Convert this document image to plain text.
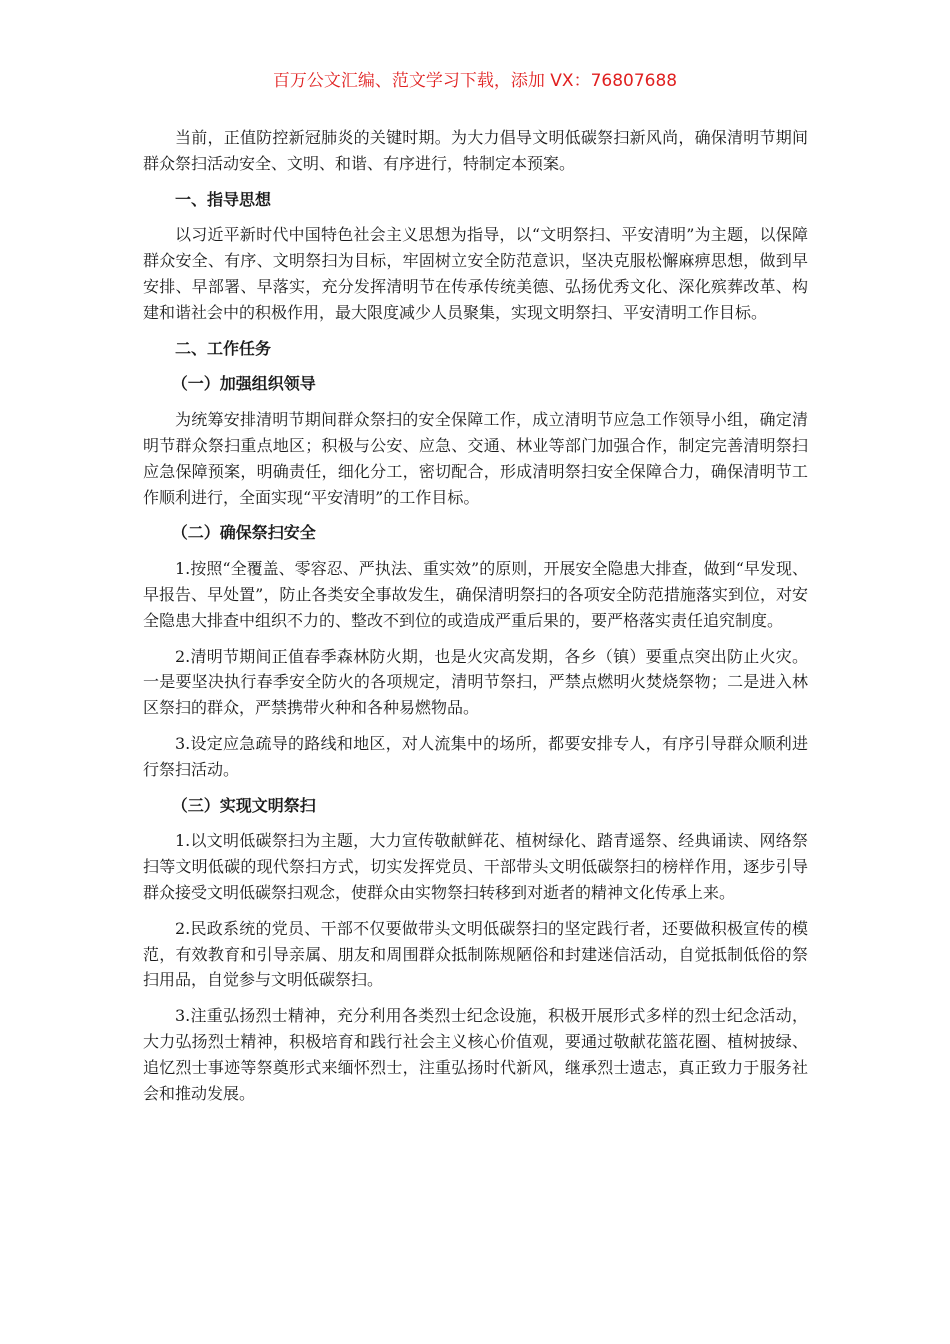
百万公文汇编、范文学习下载，添加 VX：76807688

当前，正值防控新冠肺炎的关键时期。为大力倡导文明低碳祭扫新风尚，确保清明节期间群众祭扫活动安全、文明、和谐、有序进行，特制定本预案。

一、指导思想

以习近平新时代中国特色社会主义思想为指导，以“文明祭扫、平安清明”为主题，以保障群众安全、有序、文明祭扫为目标，牢固树立安全防范意识，坚决克服松懈麻痹思想，做到早安排、早部署、早落实，充分发挥清明节在传承传统美德、弘扬优秀文化、深化殡葬改革、构建和谐社会中的积极作用，最大限度减少人员聚集，实现文明祭扫、平安清明工作目标。

二、工作任务
（一）加强组织领导

为统筹安排清明节期间群众祭扫的安全保障工作，成立清明节应急工作领导小组，确定清明节群众祭扫重点地区；积极与公安、应急、交通、林业等部门加强合作，制定完善清明祭扫应急保障预案，明确责任，细化分工，密切配合，形成清明祭扫安全保障合力，确保清明节工作顺利进行，全面实现“平安清明”的工作目标。

（二）确保祭扫安全

1.按照“全覆盖、零容忍、严执法、重实效”的原则，开展安全隐患大排查，做到“早发现、早报告、早处置”，防止各类安全事故发生，确保清明祭扫的各项安全防范措施落实到位，对安全隐患大排查中组织不力的、整改不到位的或造成严重后果的，要严格落实责任追究制度。

2.清明节期间正值春季森林防火期，也是火灾高发期，各乡（镇）要重点突出防止火灾。一是要坚决执行春季安全防火的各项规定，清明节祭扫，严禁点燃明火焚烧祭物；二是进入林区祭扫的群众，严禁携带火种和各种易燃物品。

3.设定应急疏导的路线和地区，对人流集中的场所，都要安排专人，有序引导群众顺利进行祭扫活动。

（三）实现文明祭扫

1.以文明低碳祭扫为主题，大力宣传敬献鲜花、植树绿化、踏青遥祭、经典诵读、网络祭扫等文明低碳的现代祭扫方式，切实发挥党员、干部带头文明低碳祭扫的榜样作用，逐步引导群众接受文明低碳祭扫观念，使群众由实物祭扫转移到对逝者的精神文化传承上来。

2.民政系统的党员、干部不仅要做带头文明低碳祭扫的坚定践行者，还要做积极宣传的模范，有效教育和引导亲属、朋友和周围群众抵制陈规陋俗和封建迷信活动，自觉抵制低俗的祭扫用品，自觉参与文明低碳祭扫。

3.注重弘扬烈士精神，充分利用各类烈士纪念设施，积极开展形式多样的烈士纪念活动，大力弘扬烈士精神，积极培育和践行社会主义核心价值观，要通过敬献花篮花圈、植树披绿、追忆烈士事迹等祭奠形式来缅怀烈士，注重弘扬时代新风，继承烈士遗志，真正致力于服务社会和推动发展。
